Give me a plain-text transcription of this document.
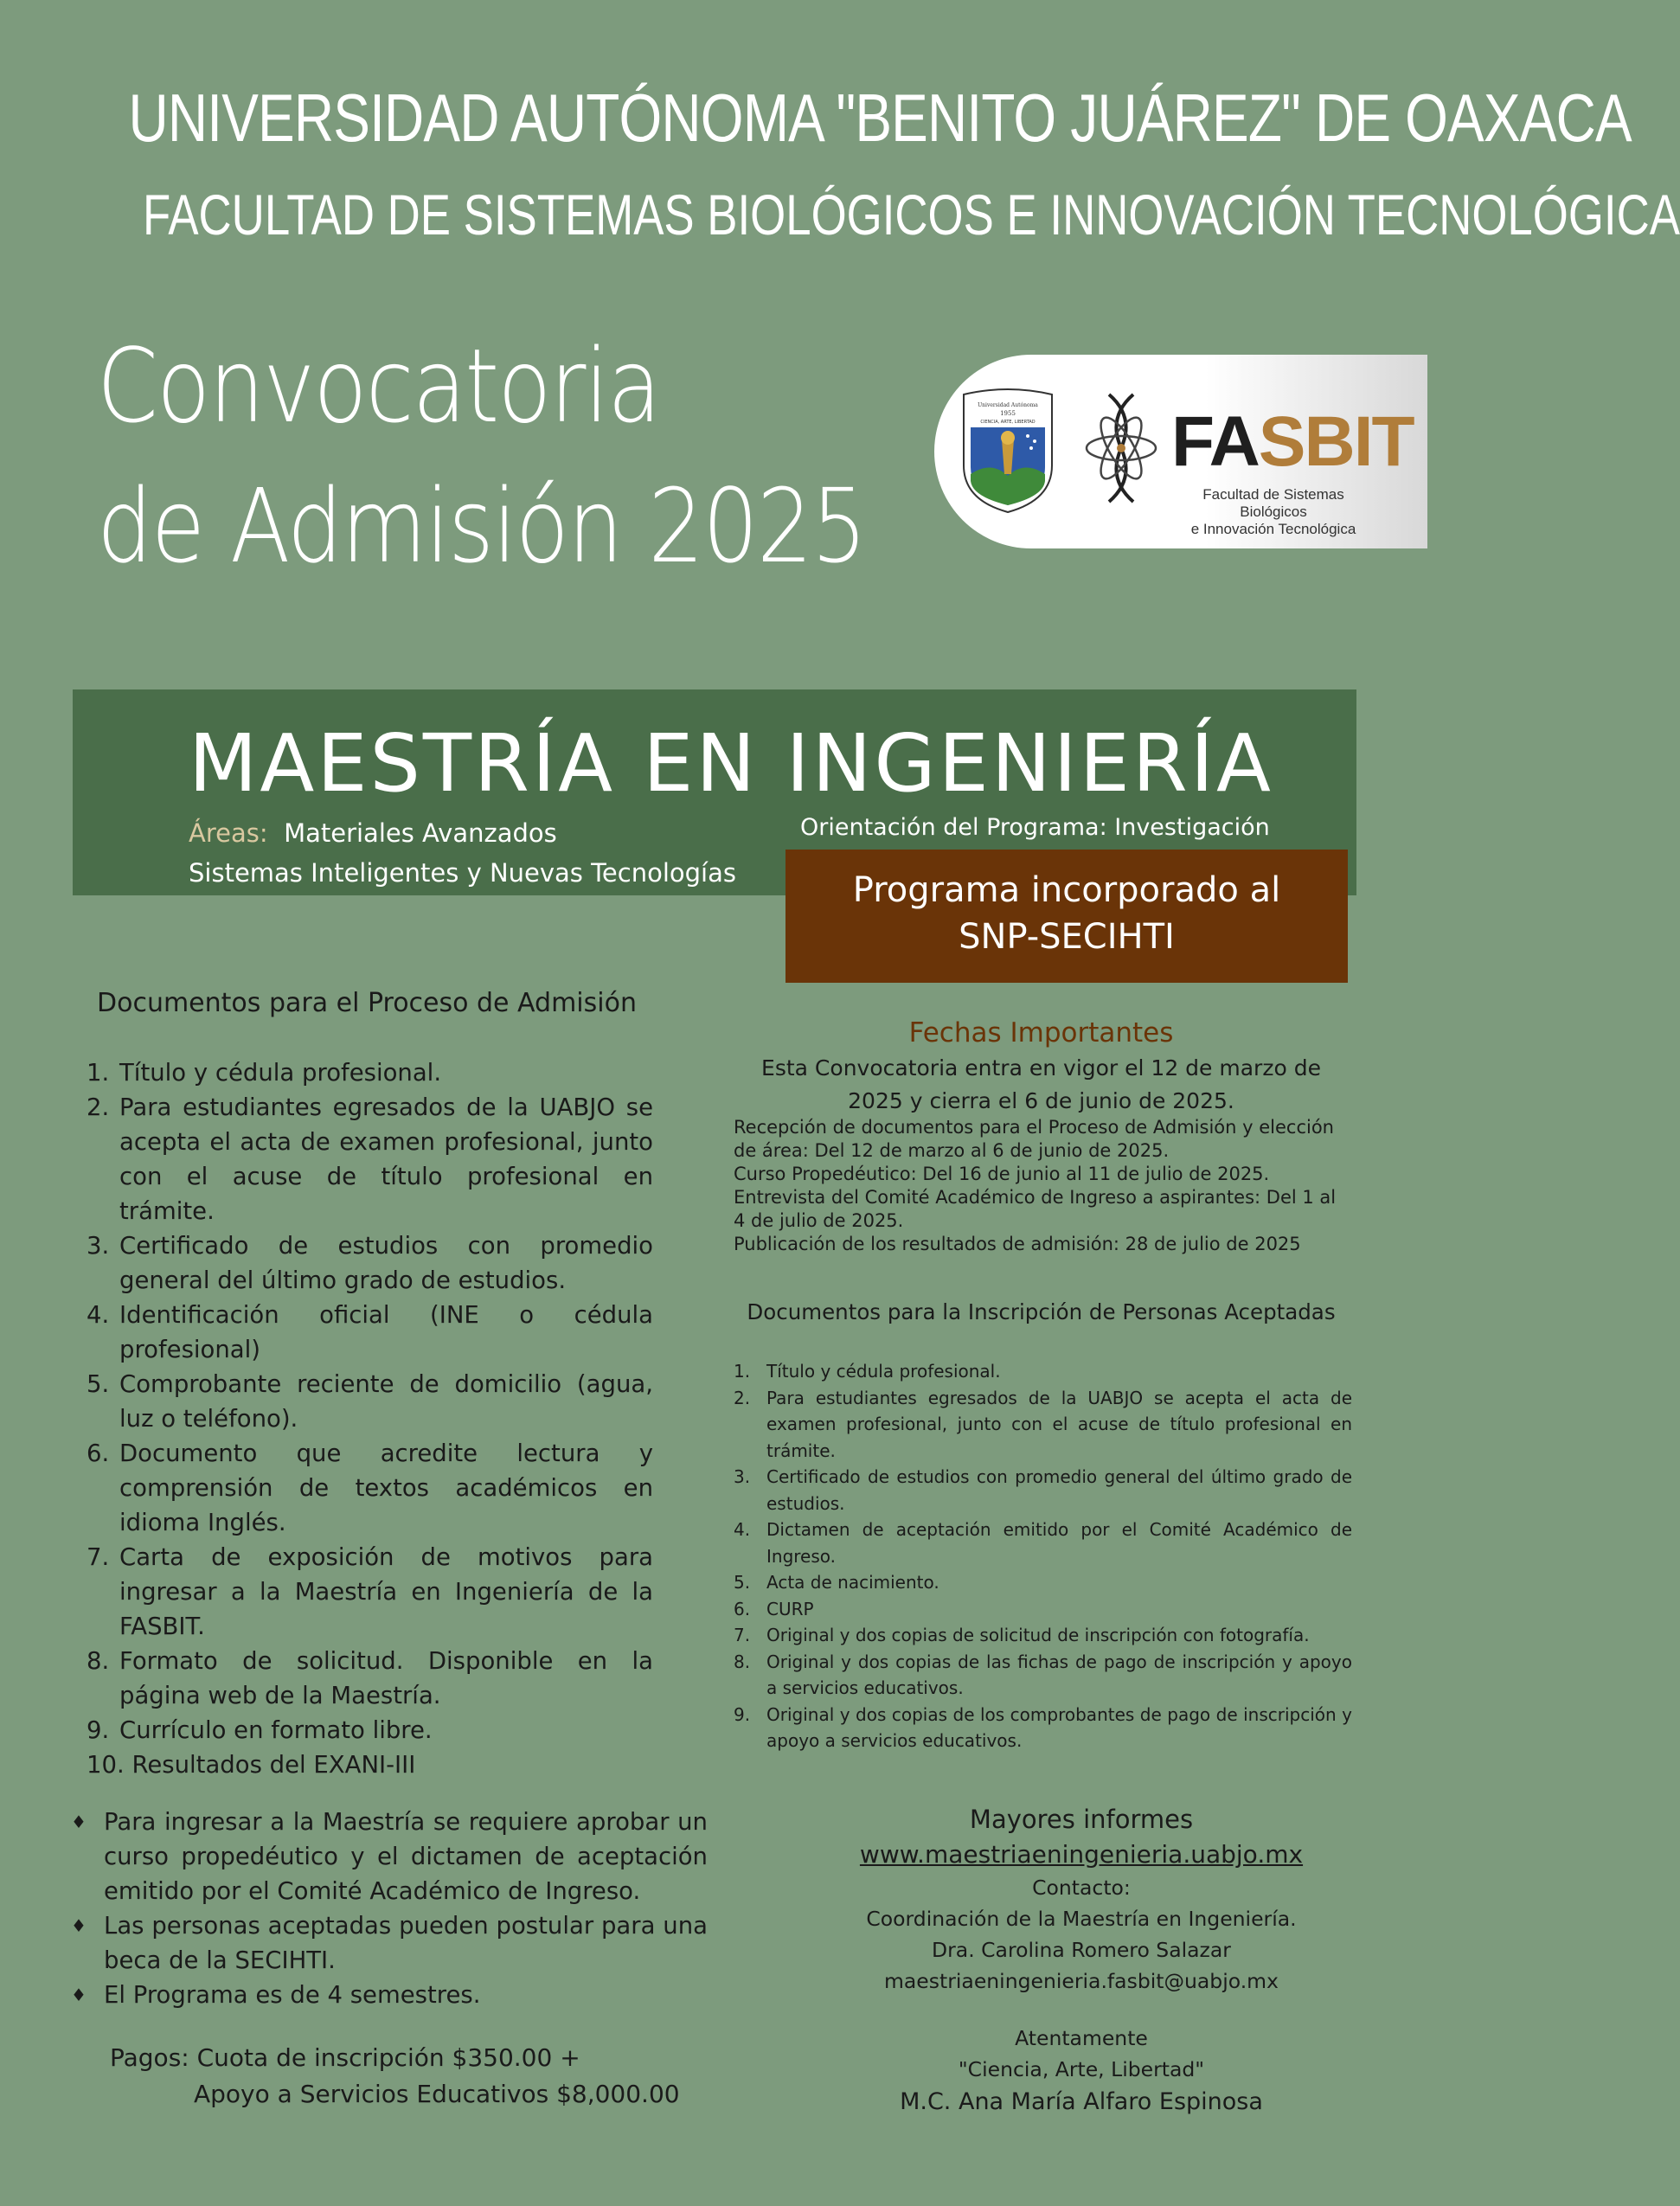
UNIVERSIDAD AUTÓNOMA "BENITO JUÁREZ" DE OAXACA
FACULTAD DE SISTEMAS BIOLÓGICOS E INNOVACIÓN TECNOLÓGICA
Convocatoria
de Admisión 2025
Universidad Autónoma
1955
CIENCIA, ARTE, LIBERTAD FASBIT
Facultad de Sistemas Biológicos
e Innovación Tecnológica
MAESTRÍA EN INGENIERÍA
Áreas: Materiales Avanzados
Sistemas Inteligentes y Nuevas Tecnologías
Orientación del Programa: Investigación
Programa incorporado al
SNP-SECIHTI
Documentos para el Proceso de Admisión
1. Título y cédula profesional.
2. Para estudiantes egresados de la UABJO se acepta el acta de examen profesional, junto con el acuse de título profesional en trámite.
3. Certificado de estudios con promedio general del último grado de estudios.
4. Identificación oficial (INE o cédula profesional)
5. Comprobante reciente de domicilio (agua, luz o teléfono).
6. Documento que acredite lectura y comprensión de textos académicos en idioma Inglés.
7. Carta de exposición de motivos para ingresar a la Maestría en Ingeniería de la FASBIT.
8. Formato de solicitud. Disponible en la página web de la Maestría.
9. Currículo en formato libre.
10. Resultados del EXANI-III
Fechas Importantes
Esta Convocatoria entra en vigor el 12 de marzo de 2025 y cierra el 6 de junio de 2025.

Recepción de documentos para el Proceso de Admisión y elección de área: Del 12 de marzo al 6 de junio de 2025.

Curso Propedéutico: Del 16 de junio al 11 de julio de 2025.

Entrevista del Comité Académico de Ingreso a aspirantes: Del 1 al 4 de julio de 2025.

Publicación de los resultados de admisión: 28 de julio de 2025

Documentos para la Inscripción de Personas Aceptadas
1. Título y cédula profesional.
2. Para estudiantes egresados de la UABJO se acepta el acta de examen profesional, junto con el acuse de título profesional en trámite.
3. Certificado de estudios con promedio general del último grado de estudios.
4. Dictamen de aceptación emitido por el Comité Académico de Ingreso.
5. Acta de nacimiento.
6. CURP
7. Original y dos copias de solicitud de inscripción con fotografía.
8. Original y dos copias de las fichas de pago de inscripción y apoyo a servicios educativos.
9. Original y dos copias de los comprobantes de pago de inscripción y apoyo a servicios educativos.
♦ Para ingresar a la Maestría se requiere aprobar un curso propedéutico y el dictamen de aceptación emitido por el Comité Académico de Ingreso.
♦ Las personas aceptadas pueden postular para una beca de la SECIHTI.
♦ El Programa es de 4 semestres.
Pagos: Cuota de inscripción $350.00 +
Apoyo a Servicios Educativos $8,000.00
Mayores informes
www.maestriaeningenieria.uabjo.mx
Contacto:
Coordinación de la Maestría en Ingeniería.
Dra. Carolina Romero Salazar
maestriaeningenieria.fasbit@uabjo.mx
Atentamente
"Ciencia, Arte, Libertad"
M.C. Ana María Alfaro Espinosa
